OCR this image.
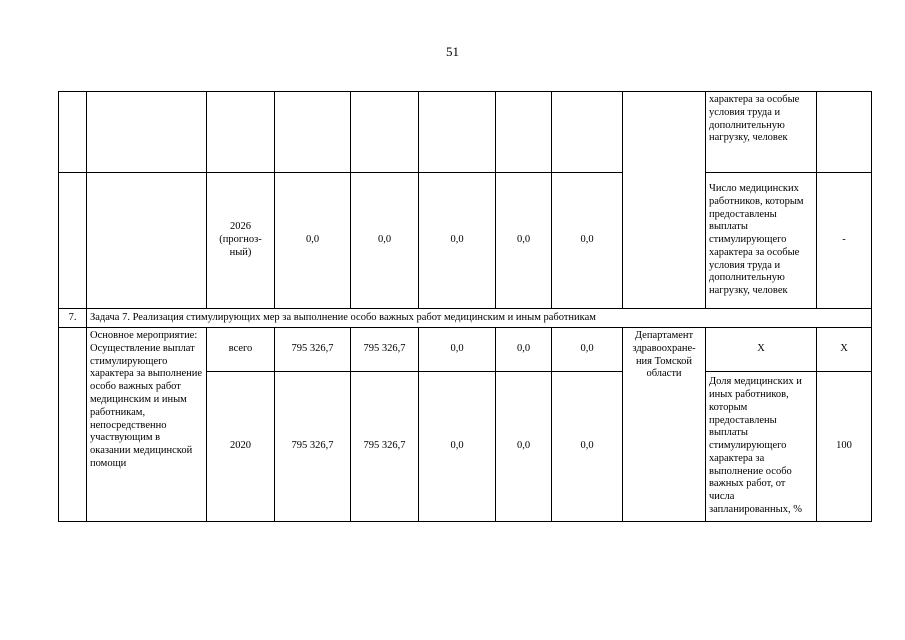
51
									характера за особые условия труда и дополнительную нагрузку, человек	
		2026 (прогноз-ный)	0,0	0,0	0,0	0,0	0,0		Число медицинских работников, которым предоставлены выплаты стимулирующего характера за особые условия труда и дополнительную нагрузку, человек	-
7.	Задача 7. Реализация стимулирующих мер за выполнение особо важных работ медицинским и иным работникам									
	Основное мероприятие: Осуществление выплат стимулирующего характера за выполнение особо важных работ медицинским и иным работникам, непосредственно участвующим в оказании медицинской помощи	всего	795 326,7	795 326,7	0,0	0,0	0,0	Департамент здравоохране-ния Томской области	Х	Х
		2020	795 326,7	795 326,7	0,0	0,0	0,0		Доля медицинских и иных работников, которым предоставлены выплаты стимулирующего характера за выполнение особо важных работ, от числа запланированных, %	100
